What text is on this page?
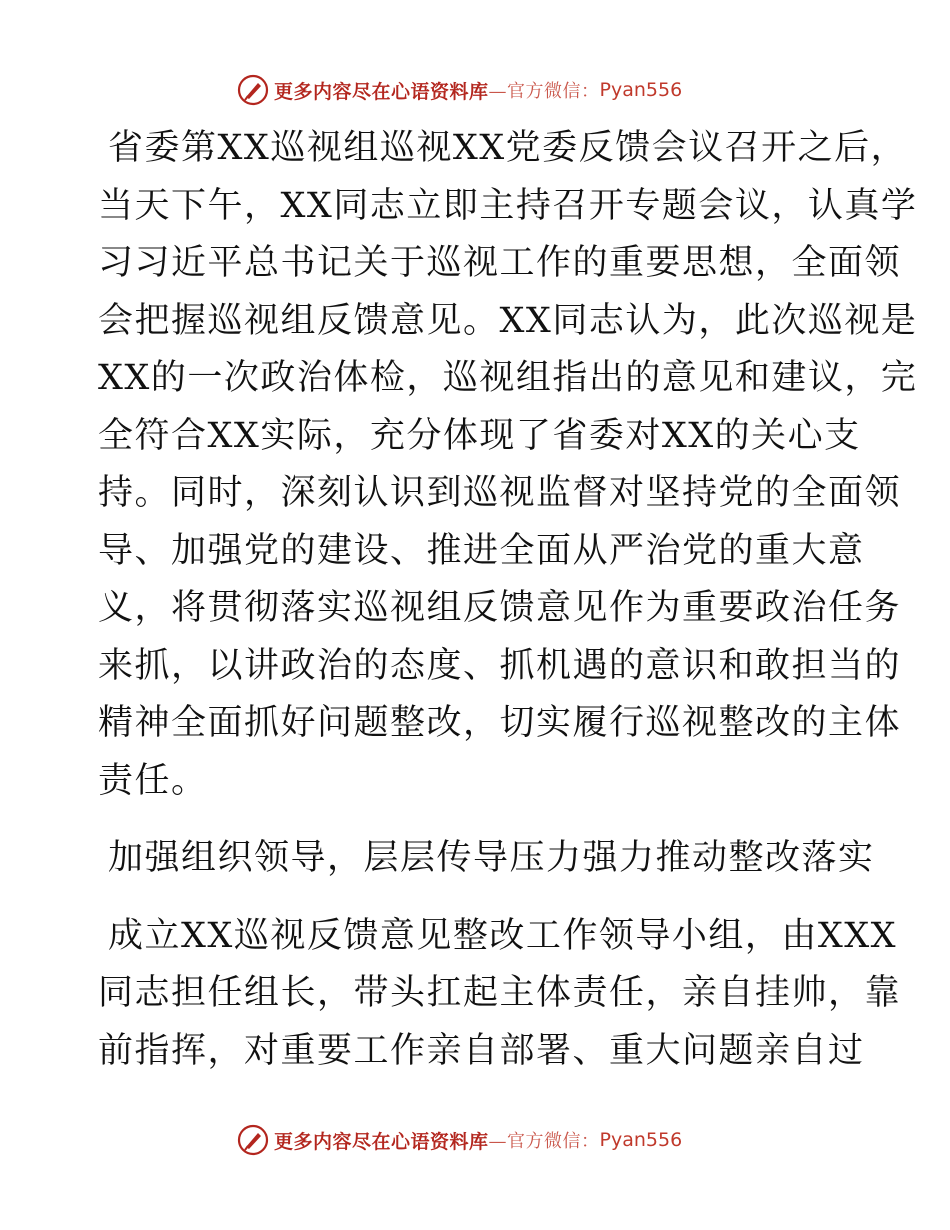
更多内容尽在心语资料库 —官方微信： Pyan556
省委第XX巡视组巡视XX党委反馈会议召开之后，
当天下午，XX同志立即主持召开专题会议，认真学
习习近平总书记关于巡视工作的重要思想，全面领
会把握巡视组反馈意见。XX同志认为，此次巡视是
XX的一次政治体检，巡视组指出的意见和建议，完
全符合XX实际，充分体现了省委对XX的关心支
持。同时，深刻认识到巡视监督对坚持党的全面领
导、加强党的建设、推进全面从严治党的重大意
义，将贯彻落实巡视组反馈意见作为重要政治任务
来抓，以讲政治的态度、抓机遇的意识和敢担当的
精神全面抓好问题整改，切实履行巡视整改的主体
责任。
加强组织领导，层层传导压力强力推动整改落实
成立XX巡视反馈意见整改工作领导小组，由XXX
同志担任组长，带头扛起主体责任，亲自挂帅，靠
前指挥，对重要工作亲自部署、重大问题亲自过
更多内容尽在心语资料库 —官方微信： Pyan556
